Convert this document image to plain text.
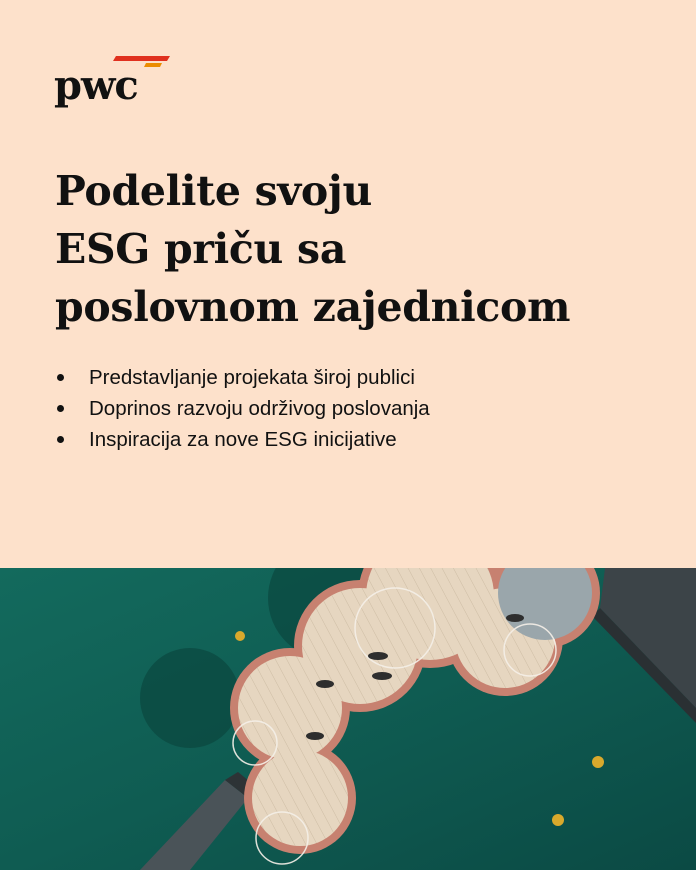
pwc
Podelite svoju
ESG priču sa
poslovnom zajednicom
Predstavljanje projekata široj publici
Doprinos razvoju održivog poslovanja
Inspiracija za nove ESG inicijative
